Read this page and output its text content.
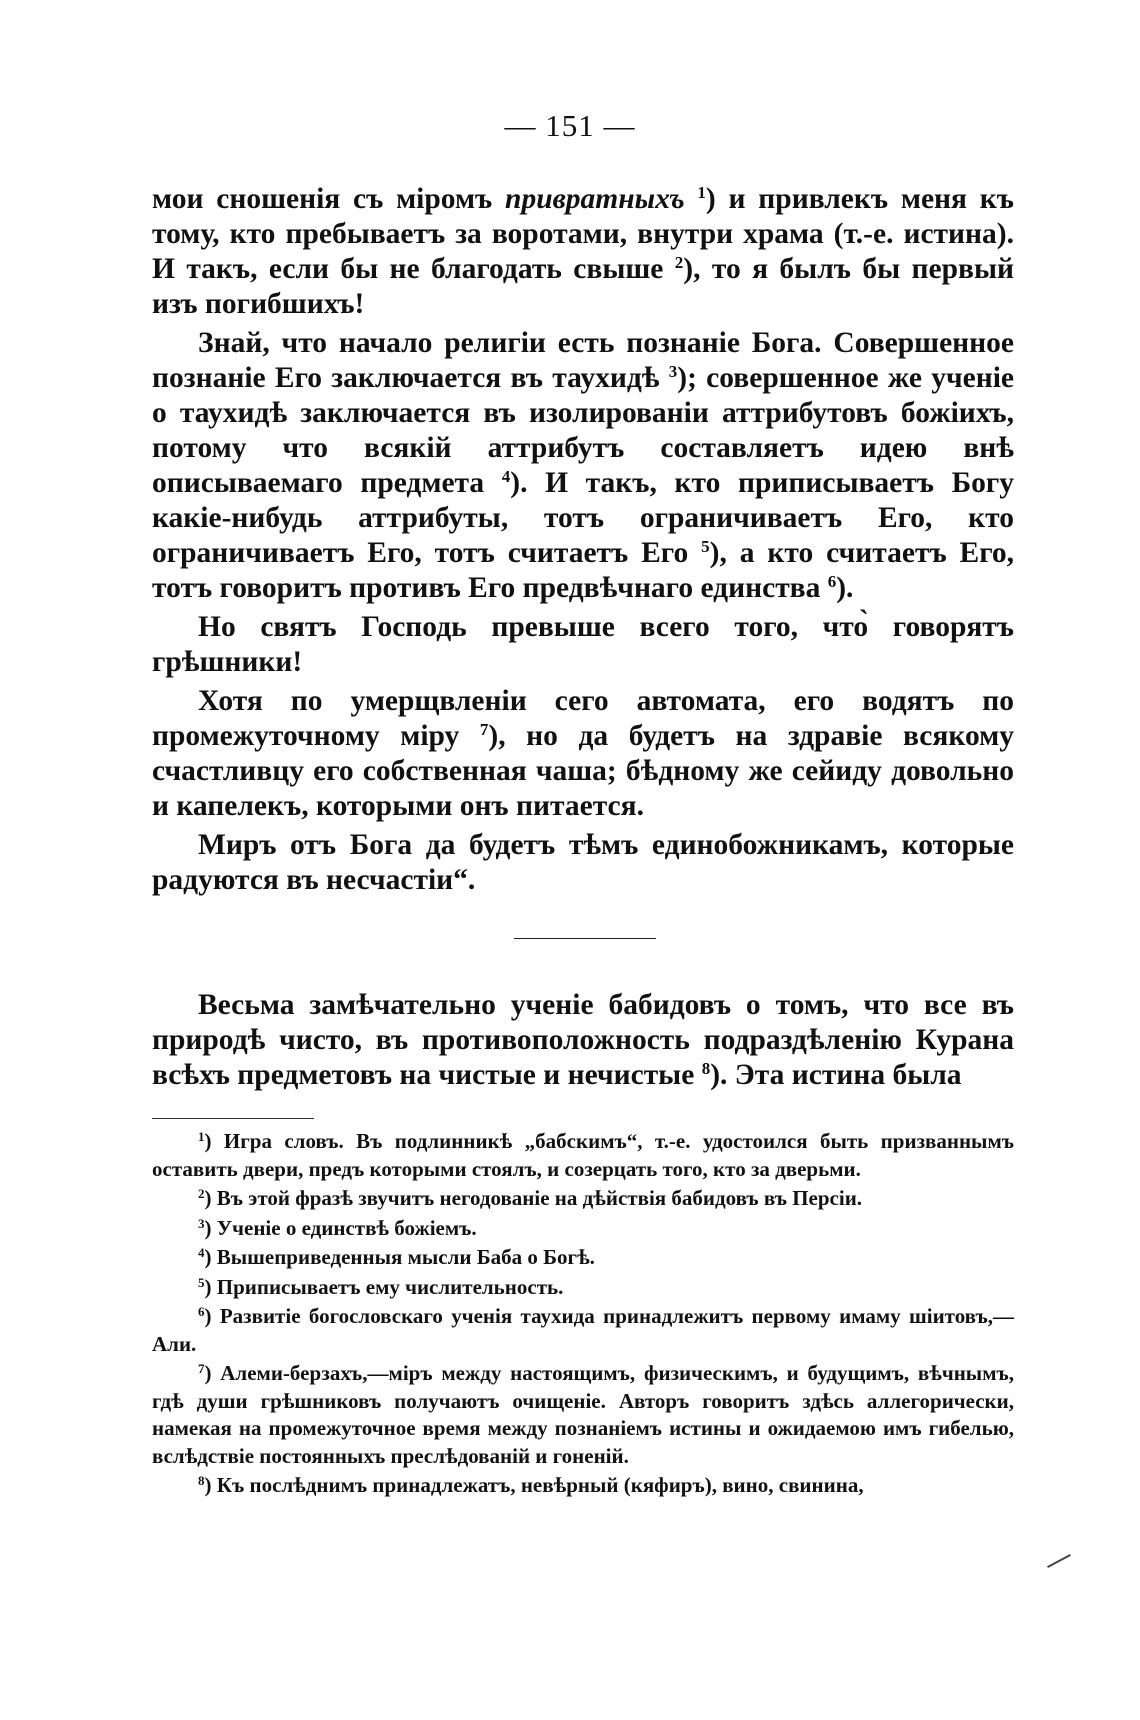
— 151 —

мои сношенія съ міромъ привратныхъ $^1$) и привлекъ меня къ тому, кто пребываетъ за воротами, внутри храма (т.-е. истина). И такъ, если бы не благодать свыше $^2$), то я былъ бы первый изъ погибшихъ!

Знай, что начало религіи есть познаніе Бога. Совершенное познаніе Его заключается въ таухидѣ $^3$); совершенное же ученіе о таухидѣ заключается въ изолированіи аттрибутовъ божіихъ, потому что всякій аттрибутъ составляетъ идею внѣ описываемаго предмета $^4$). И такъ, кто приписываетъ Богу какіе-нибудь аттрибуты, тотъ ограничиваетъ Его, кто ограничиваетъ Его, тотъ считаетъ Его $^5$), а кто считаетъ Его, тотъ говоритъ противъ Его предвѣчнаго единства $^6$).

Но святъ Господь превыше всего того, что̀ говорятъ грѣшники!

Хотя по умерщвленіи сего автомата, его водятъ по промежуточному міру $^7$), но да будетъ на здравіе всякому счастливцу его собственная чаша; бѣдному же сейиду довольно и капелекъ, которыми онъ питается.

Миръ отъ Бога да будетъ тѣмъ единобожникамъ, которые радуются въ несчастіи“.

Весьма замѣчательно ученіе бабидовъ о томъ, что все въ природѣ чисто, въ противоположность подраздѣленію Курана всѣхъ предметовъ на чистые и нечистые $^8$). Эта истина была

$^1$) Игра словъ. Въ подлинникѣ „бабскимъ“, т.-е. удостоился быть призваннымъ оставить двери, предъ которыми стоялъ, и созерцать того, кто за дверьми.

$^2$) Въ этой фразѣ звучитъ негодованіе на дѣйствія бабидовъ въ Персіи.

$^3$) Ученіе о единствѣ божіемъ.

$^4$) Вышеприведенныя мысли Баба о Богѣ.

$^5$) Приписываетъ ему числительность.

$^6$) Развитіе богословскаго ученія таухида принадлежитъ первому имаму шіитовъ,—Али.

$^7$) Алеми-берзахъ,—міръ между настоящимъ, физическимъ, и будущимъ, вѣчнымъ, гдѣ души грѣшниковъ получаютъ очищеніе. Авторъ говоритъ здѣсь аллегорически, намекая на промежуточное время между познаніемъ истины и ожидаемою имъ гибелью, вслѣдствіе постоянныхъ преслѣдованій и гоненій.

$^8$) Къ послѣднимъ принадлежатъ, невѣрный (кяфиръ), вино, свинина,
